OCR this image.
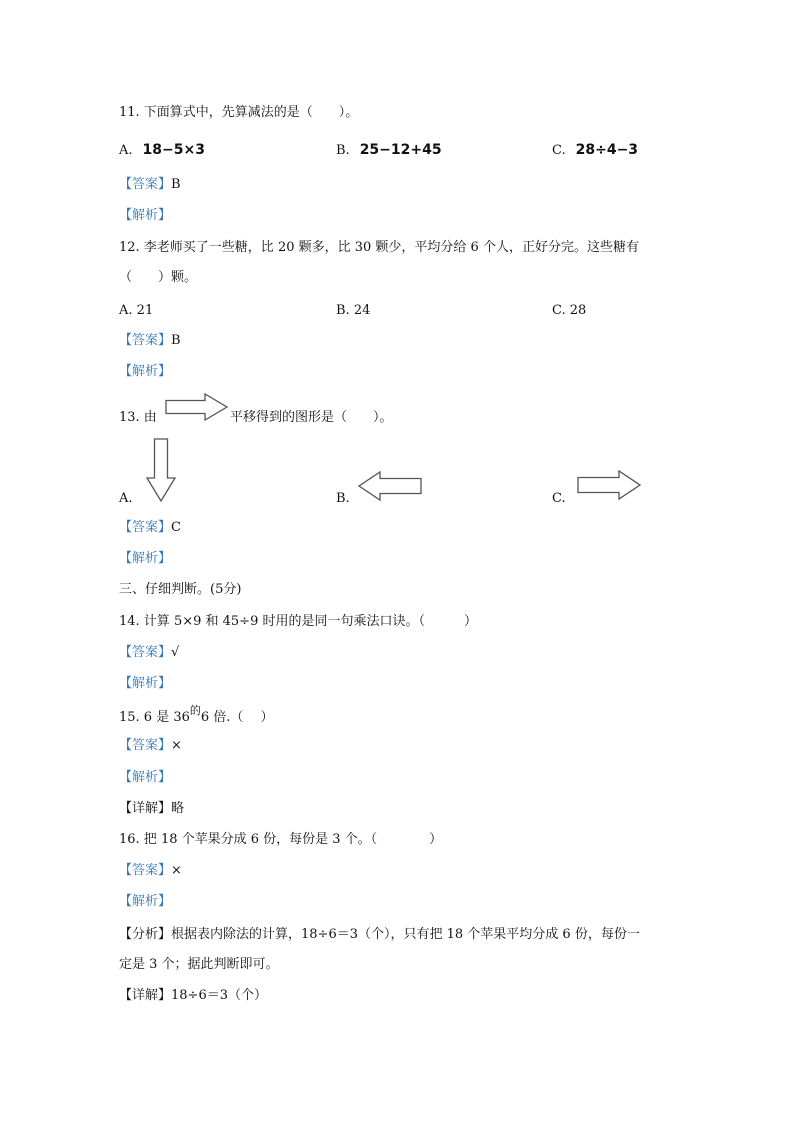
11. 下面算式中，先算减法的是（　　）。
A. 18−5×3	B. 25−12+45	C. 28÷4−3
【答案】B
【解析】
12. 李老师买了一些糖，比 20 颗多，比 30 颗少，平均分给 6 个人，正好分完。这些糖有
（　　）颗。
A. 21	B. 24	C. 28
【答案】B
【解析】
13. 由	平移得到的图形是（　　）。
A.	B.	C.
【答案】C
【解析】
三、仔细判断。(5分)
14. 计算 5×9 和 45÷9 时用的是同一句乘法口诀。（　　　）
【答案】√
【解析】
15. 6 是 $36^的6$ 倍.（　 ）
【答案】×
【解析】
【详解】略
16. 把 18 个苹果分成 6 份，每份是 3 个。（　　　　）
【答案】×
【解析】
【分析】根据表内除法的计算，18÷6＝3（个），只有把 18 个苹果平均分成 6 份，每份一
定是 3 个；据此判断即可。
【详解】18÷6＝3（个）
